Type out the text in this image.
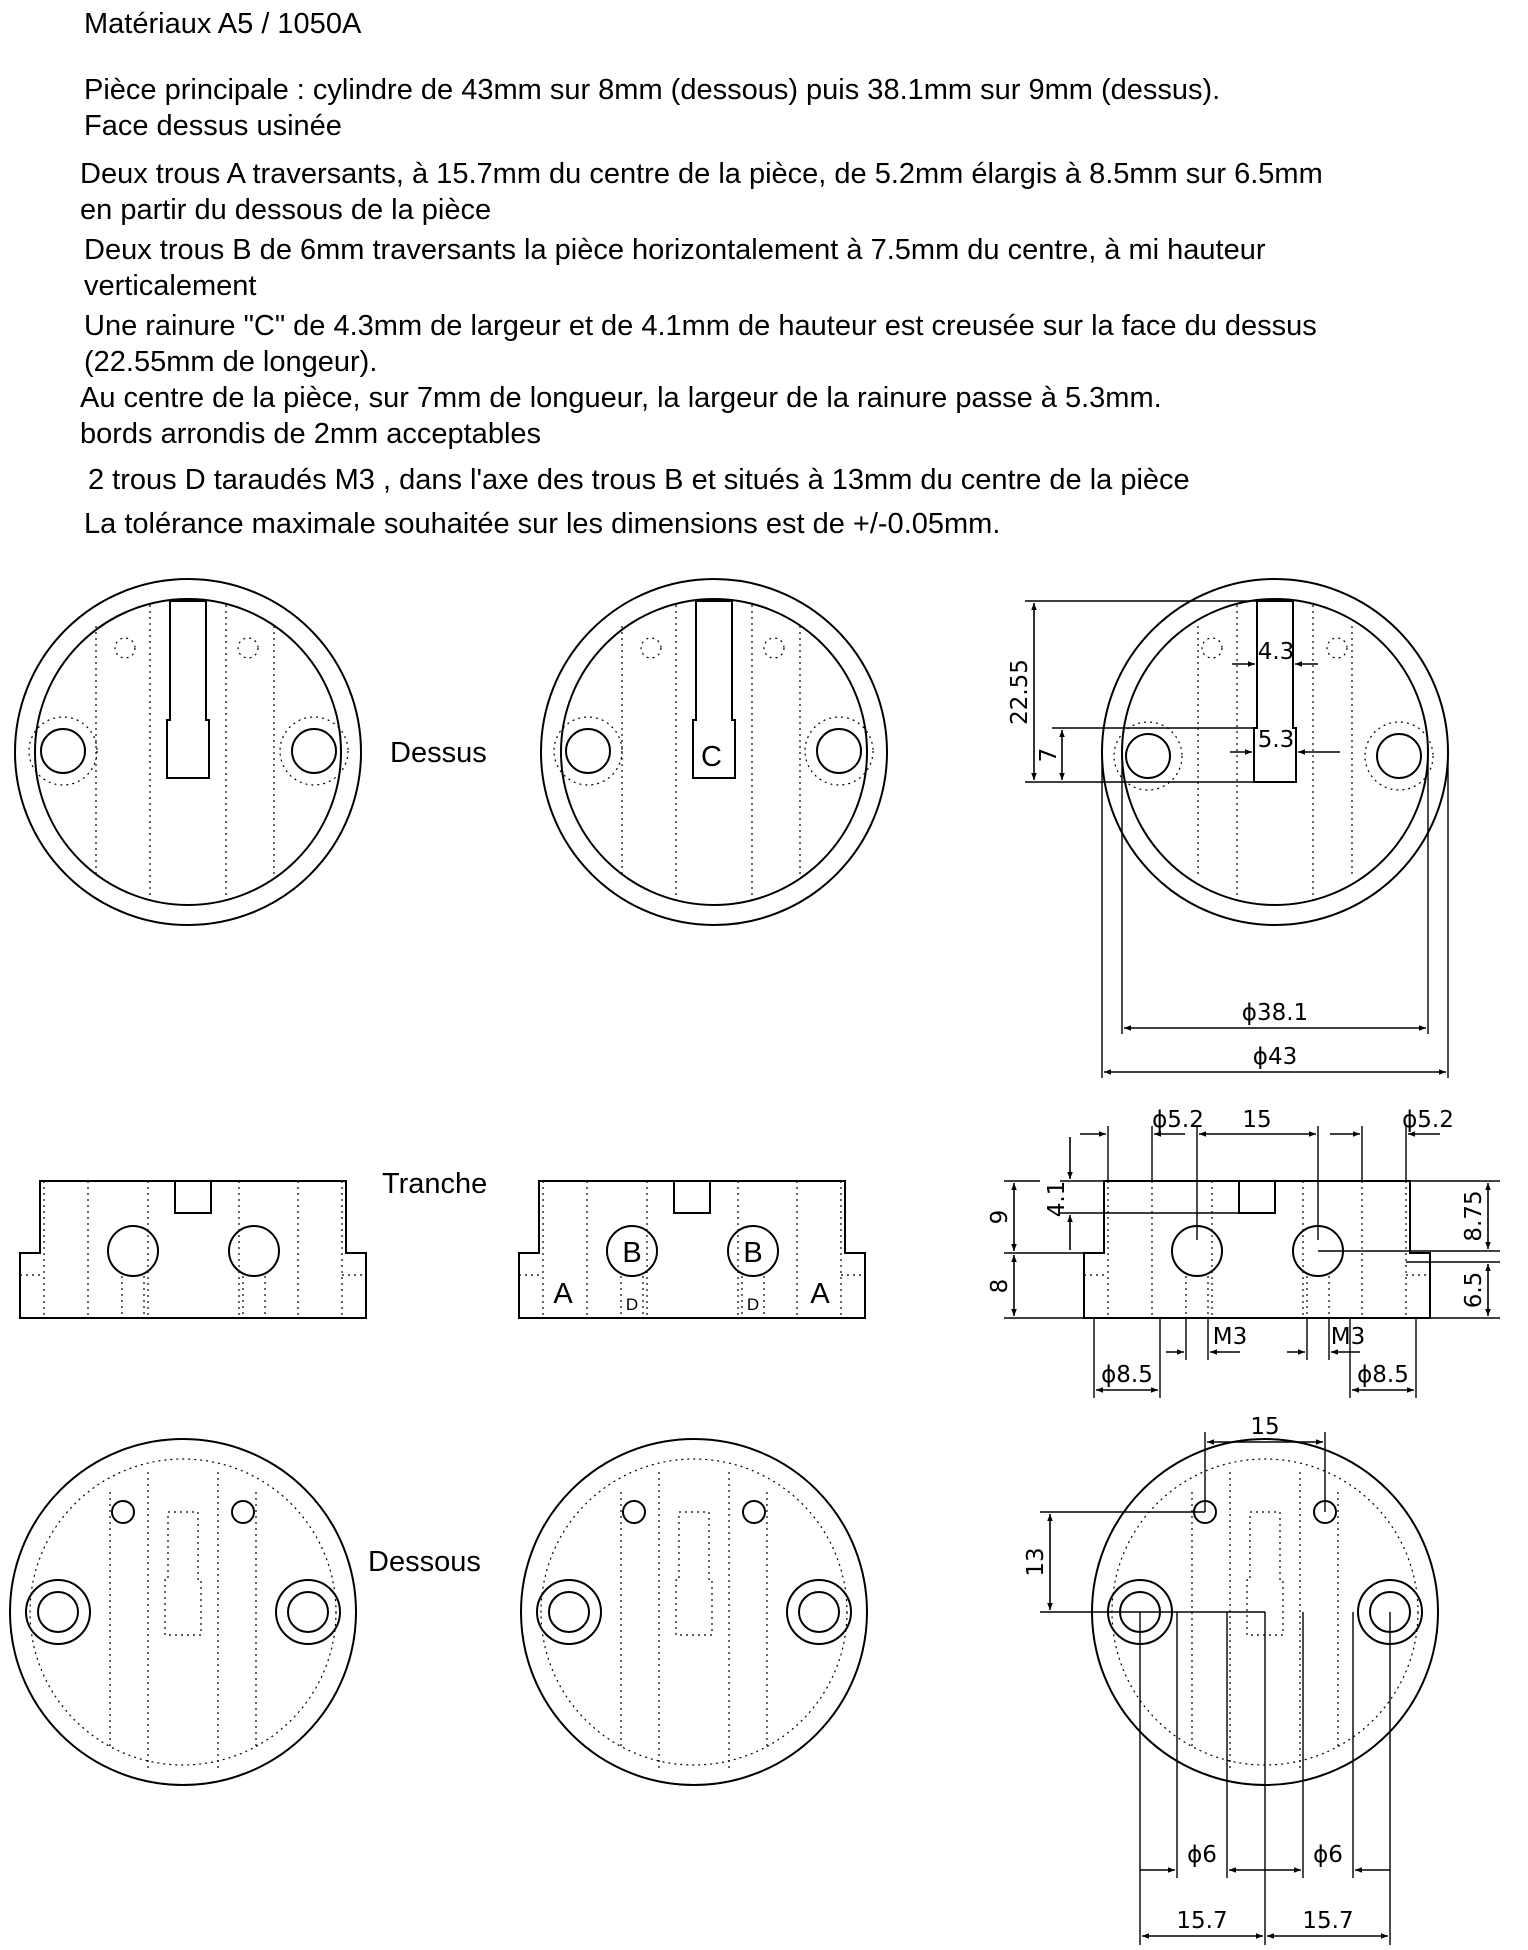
Matériaux A5 / 1050A
Pièce principale : cylindre de 43mm sur 8mm (dessous) puis 38.1mm sur 9mm (dessus).
Face dessus usinée
Deux trous A traversants, à 15.7mm du centre de la pièce, de 5.2mm élargis à 8.5mm sur 6.5mm
en partir du dessous de la pièce
Deux trous B de 6mm traversants la pièce horizontalement à 7.5mm du centre, à mi hauteur
verticalement
Une rainure "C" de 4.3mm de largeur et de 4.1mm de hauteur est creusée sur la face du dessus
(22.55mm de longeur).
Au centre de la pièce, sur 7mm de longueur, la largeur de la rainure passe à 5.3mm.
bords arrondis de 2mm acceptables
2 trous D taraudés M3 , dans l'axe des trous B et situés à 13mm du centre de la pièce
La tolérance maximale souhaitée sur les dimensions est de +/-0.05mm.
Dessus	C
22.55
7
4.3
5.3
ϕ38.1
ϕ43
Tranche
B	B
A	A
D	D
15
ϕ5.2	ϕ5.2
4.1
9
8
8.75
6.5
M3	M3
ϕ8.5	ϕ8.5
Dessous
15
13
ϕ6	ϕ6
15.7	15.7
